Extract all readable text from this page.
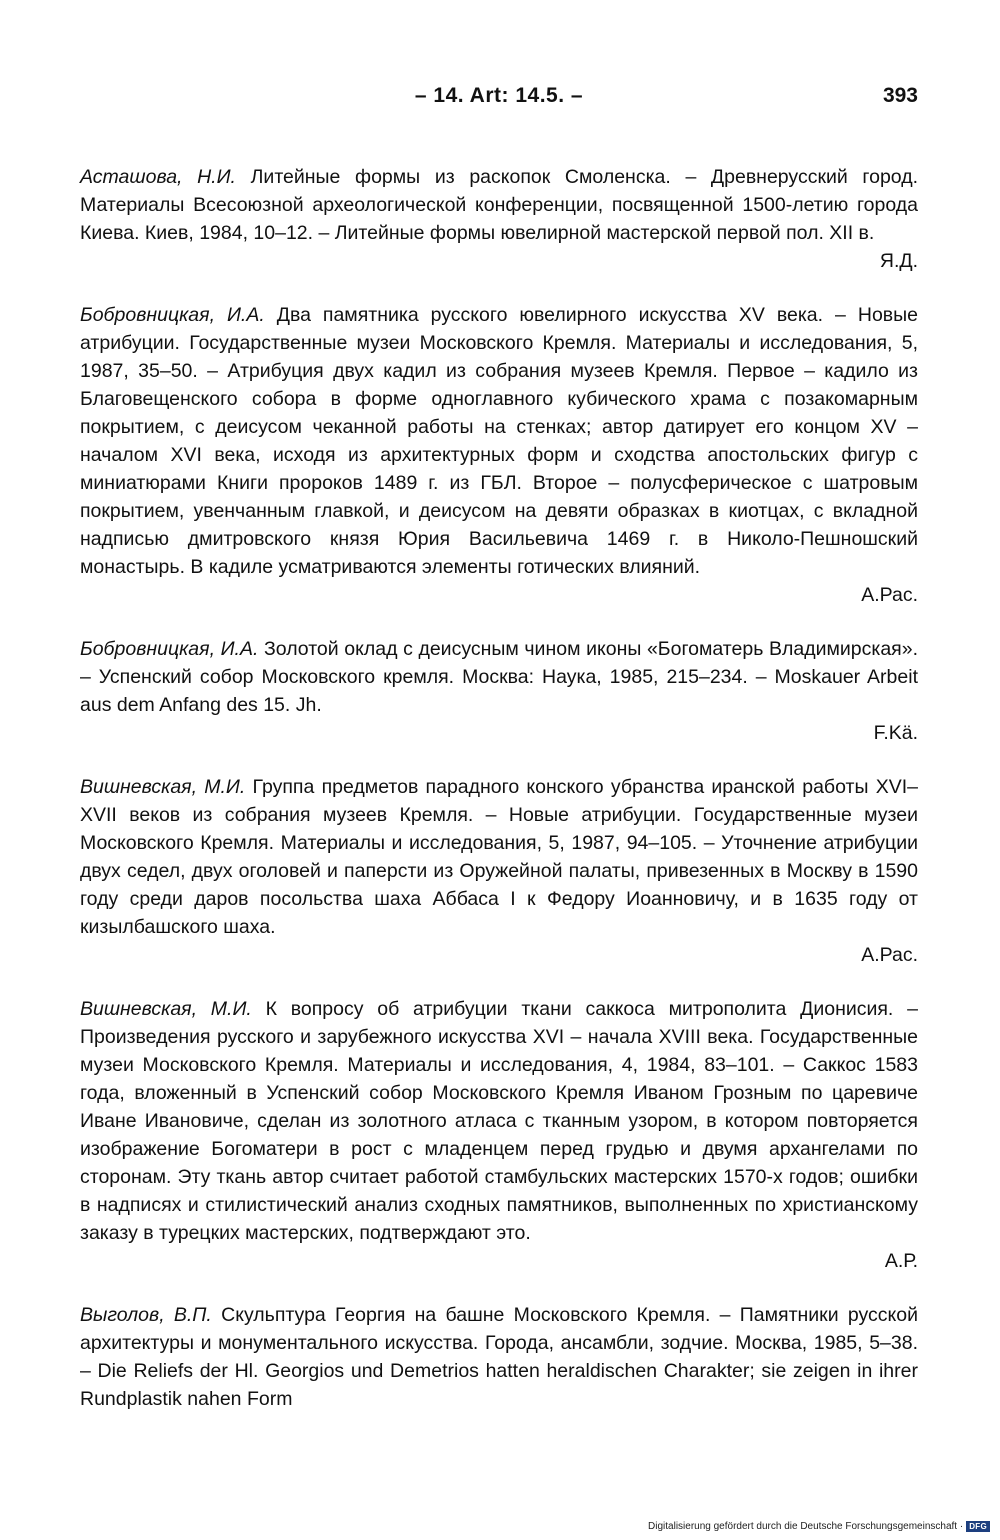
– 14. Art: 14.5. –	393

Асташова, Н.И. Литейные формы из раскопок Смоленска. – Древнерусский город. Материалы Всесоюзной археологической конференции, посвященной 1500-летию города Киева. Киев, 1984, 10–12. – Литейные формы ювелирной мастерской первой пол. XII в.
Я.Д.

Бобровницкая, И.А. Два памятника русского ювелирного искусства XV века. – Новые атрибуции. Государственные музеи Московского Кремля. Материалы и исследования, 5, 1987, 35–50. – Атрибуция двух кадил из собрания музеев Кремля. Первое – кадило из Благовещенского собора в форме одноглавного кубического храма с позакомарным покрытием, с деисусом чеканной работы на стенках; автор датирует его концом XV – началом XVI века, исходя из архитектурных форм и сходства апостольских фигур с миниатюрами Книги пророков 1489 г. из ГБЛ. Второе – полусферическое с шатровым покрытием, увенчанным главкой, и деисусом на девяти образках в киотцах, с вкладной надписью дмитровского князя Юрия Васильевича 1469 г. в Николо-Пешношский монастырь. В кадиле усматриваются элементы готических влияний.
А.Рас.

Бобровницкая, И.А. Золотой оклад с деисусным чином иконы «Богоматерь Владимирская». – Успенский собор Московского кремля. Москва: Наука, 1985, 215–234. – Moskauer Arbeit aus dem Anfang des 15. Jh.
F.Kä.

Вишневская, М.И. Группа предметов парадного конского убранства иранской работы XVI–XVII веков из собрания музеев Кремля. – Новые атрибуции. Государственные музеи Московского Кремля. Материалы и исследования, 5, 1987, 94–105. – Уточнение атрибуции двух седел, двух оголовей и паперсти из Оружейной палаты, привезенных в Москву в 1590 году среди даров посольства шаха Аббаса I к Федору Иоанновичу, и в 1635 году от кизылбашского шаха.
А.Рас.

Вишневская, М.И. К вопросу об атрибуции ткани саккоса митрополита Дионисия. – Произведения русского и зарубежного искусства XVI – начала XVIII века. Государственные музеи Московского Кремля. Материалы и исследования, 4, 1984, 83–101. – Саккос 1583 года, вложенный в Успенский собор Московского Кремля Иваном Грозным по царевиче Иване Ивановиче, сделан из золотного атласа с тканным узором, в котором повторяется изображение Богоматери в рост с младенцем перед грудью и двумя архангелами по сторонам. Эту ткань автор считает работой стамбульских мастерских 1570-х годов; ошибки в надписях и стилистический анализ сходных памятников, выполненных по христианскому заказу в турецких мастерских, подтверждают это.
А.Р.

Выголов, В.П. Скульптура Георгия на башне Московского Кремля. – Памятники русской архитектуры и монументального искусства. Города, ансамбли, зодчие. Москва, 1985, 5–38. – Die Reliefs der Hl. Georgios und Demetrios hatten heraldischen Charakter; sie zeigen in ihrer Rundplastik nahen Form

Digitalisierung gefördert durch die Deutsche Forschungsgemeinschaft · DFG
